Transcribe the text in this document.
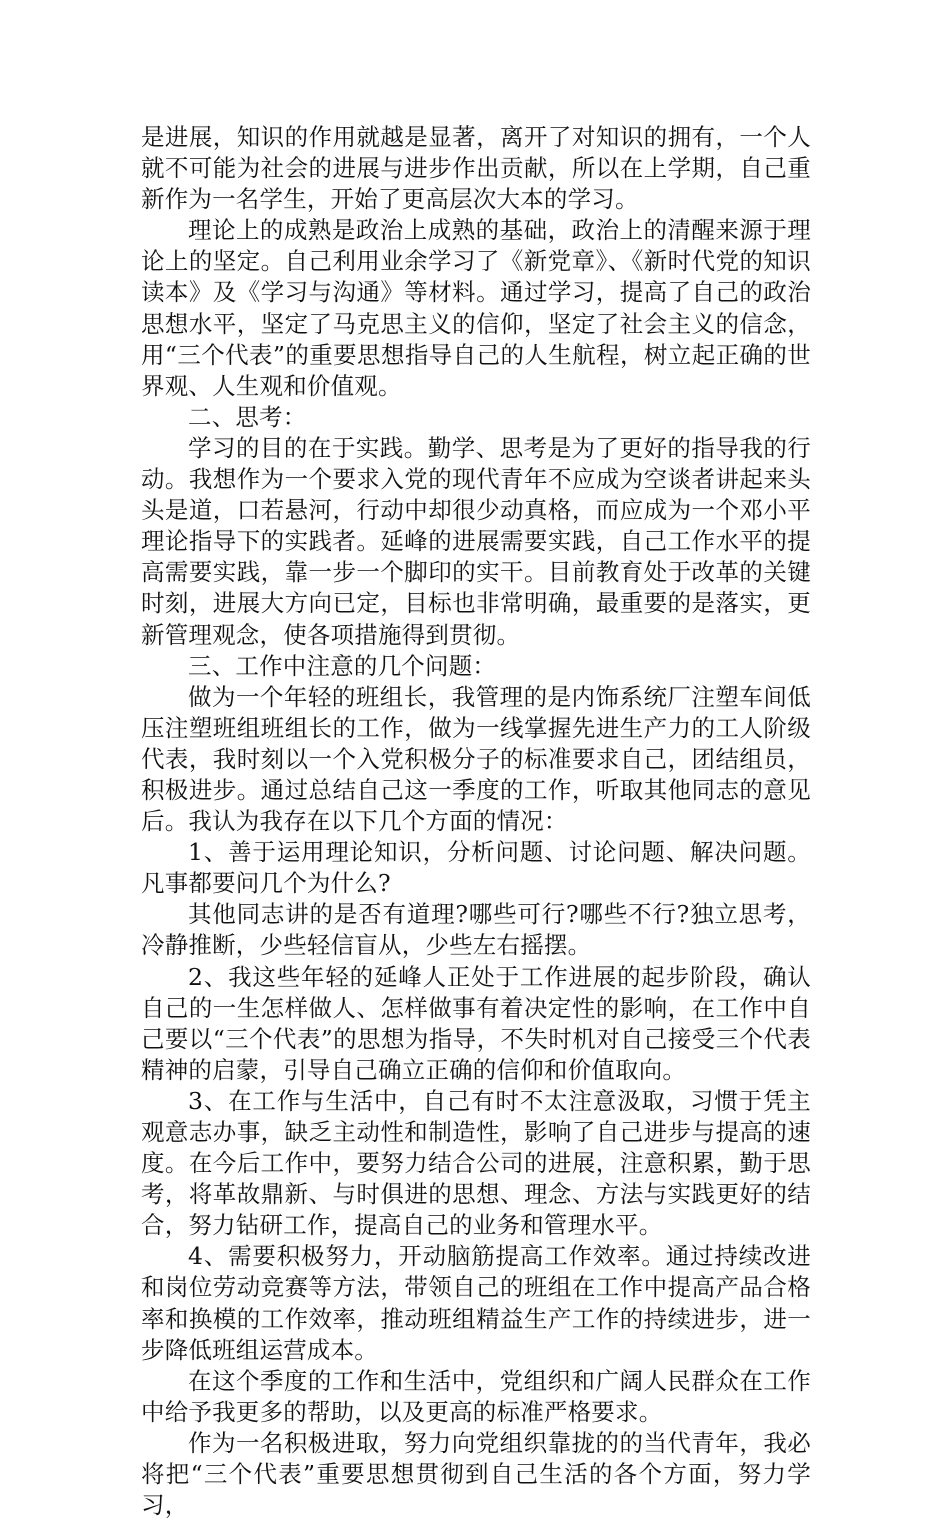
是进展，知识的作用就越是显著，离开了对知识的拥有，一个人就不可能为社会的进展与进步作出贡献，所以在上学期，自己重新作为一名学生，开始了更高层次大本的学习。

理论上的成熟是政治上成熟的基础，政治上的清醒来源于理论上的坚定。自己利用业余学习了《新党章》、《新时代党的知识读本》及《学习与沟通》等材料。通过学习，提高了自己的政治思想水平，坚定了马克思主义的信仰，坚定了社会主义的信念，用“三个代表”的重要思想指导自己的人生航程，树立起正确的世界观、人生观和价值观。

二、思考：

学习的目的在于实践。勤学、思考是为了更好的指导我的行动。我想作为一个要求入党的现代青年不应成为空谈者讲起来头头是道，口若悬河，行动中却很少动真格，而应成为一个邓小平理论指导下的实践者。延峰的进展需要实践，自己工作水平的提高需要实践，靠一步一个脚印的实干。目前教育处于改革的关键时刻，进展大方向已定，目标也非常明确，最重要的是落实，更新管理观念，使各项措施得到贯彻。

三、工作中注意的几个问题：

做为一个年轻的班组长，我管理的是内饰系统厂注塑车间低压注塑班组班组长的工作，做为一线掌握先进生产力的工人阶级代表，我时刻以一个入党积极分子的标准要求自己，团结组员，积极进步。通过总结自己这一季度的工作，听取其他同志的意见后。我认为我存在以下几个方面的情况：

1、善于运用理论知识，分析问题、讨论问题、解决问题。凡事都要问几个为什么?

其他同志讲的是否有道理?哪些可行?哪些不行?独立思考，冷静推断，少些轻信盲从，少些左右摇摆。

2、我这些年轻的延峰人正处于工作进展的起步阶段，确认自己的一生怎样做人、怎样做事有着决定性的影响，在工作中自己要以“三个代表”的思想为指导，不失时机对自己接受三个代表精神的启蒙，引导自己确立正确的信仰和价值取向。

3、在工作与生活中，自己有时不太注意汲取，习惯于凭主观意志办事，缺乏主动性和制造性，影响了自己进步与提高的速度。在今后工作中，要努力结合公司的进展，注意积累，勤于思考，将革故鼎新、与时俱进的思想、理念、方法与实践更好的结合，努力钻研工作，提高自己的业务和管理水平。

4、需要积极努力，开动脑筋提高工作效率。通过持续改进和岗位劳动竞赛等方法，带领自己的班组在工作中提高产品合格率和换模的工作效率，推动班组精益生产工作的持续进步，进一步降低班组运营成本。

在这个季度的工作和生活中，党组织和广阔人民群众在工作中给予我更多的帮助，以及更高的标准严格要求。

作为一名积极进取，努力向党组织靠拢的的当代青年，我必将把“三个代表”重要思想贯彻到自己生活的各个方面，努力学习，
